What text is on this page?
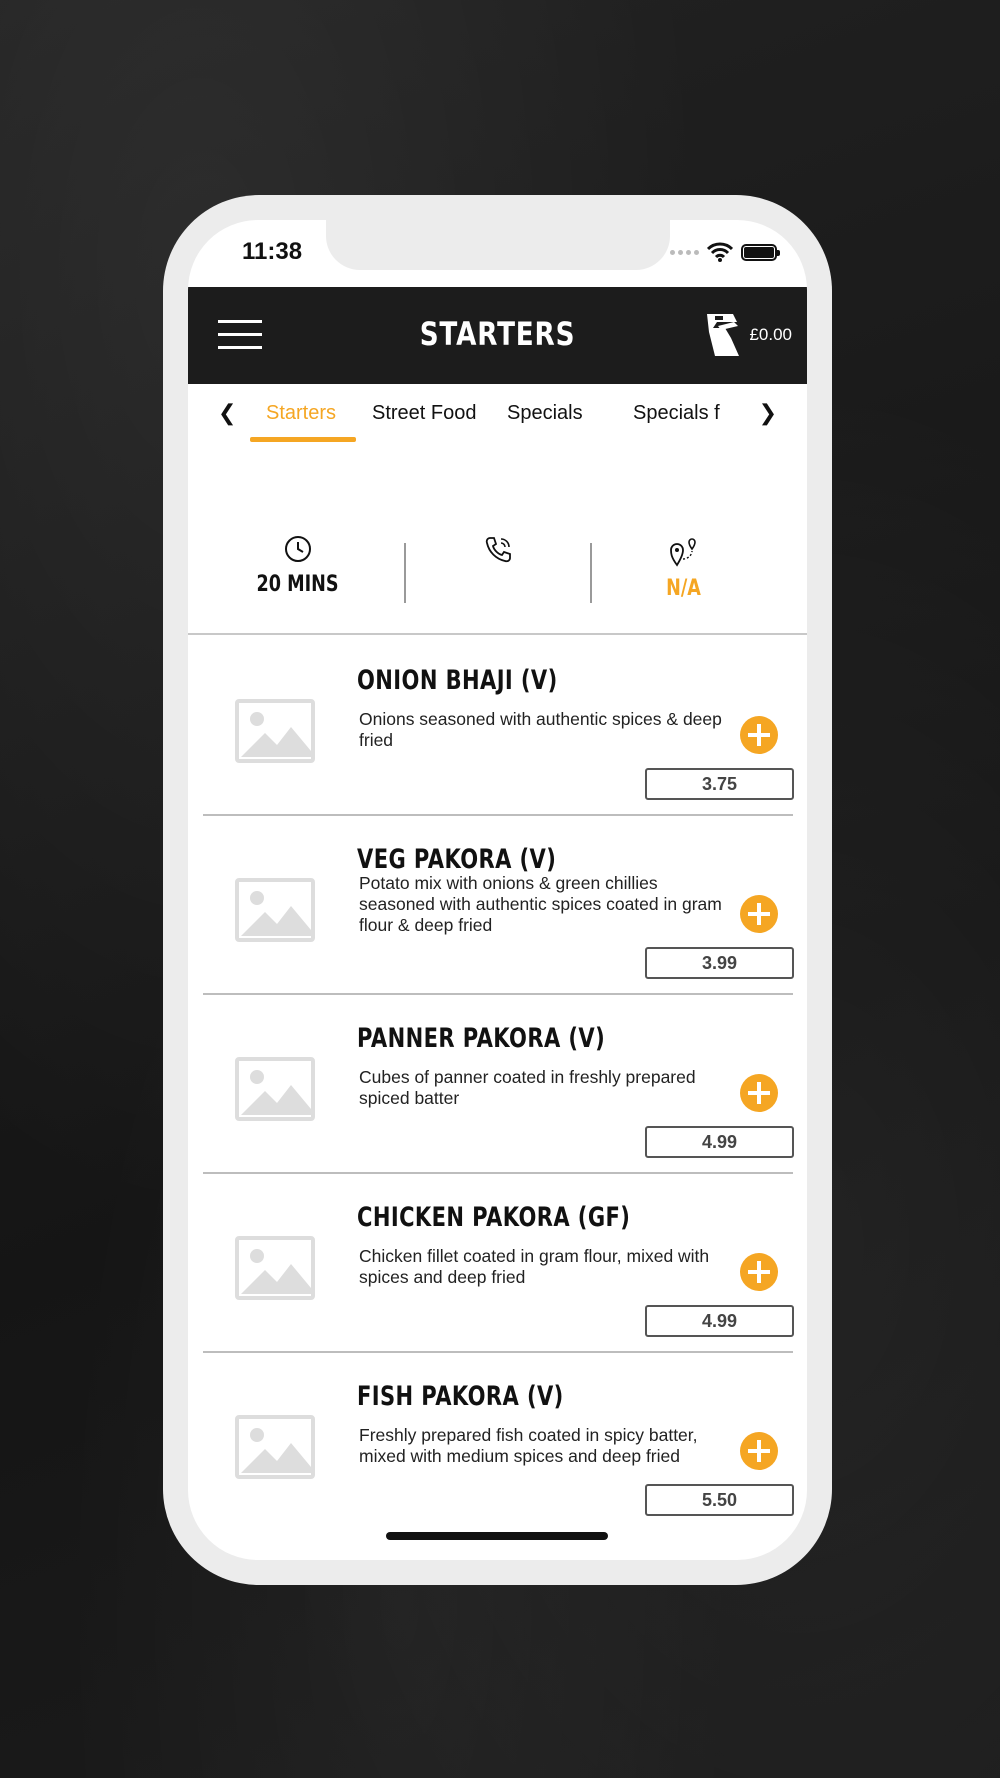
11:38
STARTERS	£0.00
❮ Starters Street Food Specials	Specials f ❯
20 MINS	N/A
ONION BHAJI (V)
Onions seasoned with authentic spices & deep fried
3.75
VEG PAKORA (V)
Potato mix with onions & green chillies seasoned with authentic spices coated in gram flour & deep fried
3.99
PANNER PAKORA (V)
Cubes of panner coated in freshly prepared spiced batter
4.99
CHICKEN PAKORA (GF)
Chicken fillet coated in gram flour, mixed with spices and deep fried
4.99
FISH PAKORA (V)
Freshly prepared fish coated in spicy batter, mixed with medium spices and deep fried
5.50
